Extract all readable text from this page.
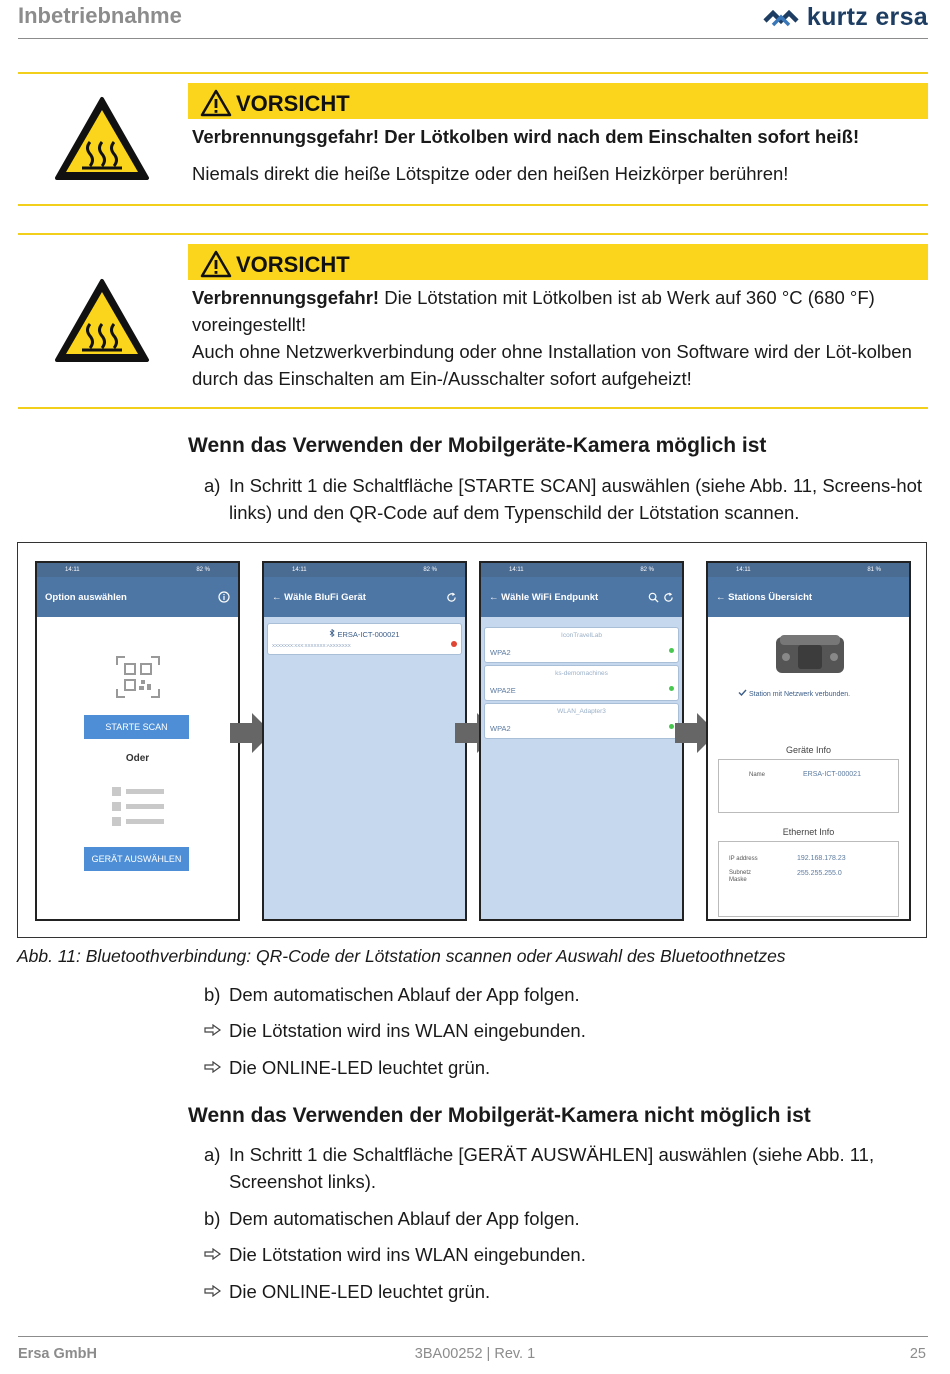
Inbetriebnahme	kurtz ersa
VORSICHT
Verbrennungsgefahr! Der Lötkolben wird nach dem Einschalten sofort heiß!
Niemals direkt die heiße Lötspitze oder den heißen Heizkörper berühren!
VORSICHT
Verbrennungsgefahr! Die Lötstation mit Lötkolben ist ab Werk auf 360 °C (680 °F) voreingestellt!
Auch ohne Netzwerkverbindung oder ohne Installation von Software wird der Löt-kolben durch das Einschalten am Ein-/Ausschalter sofort aufgeheizt!
Wenn das Verwenden der Mobilgeräte-Kamera möglich ist
a) In Schritt 1 die Schaltfläche [STARTE SCAN] auswählen (siehe Abb. 11, Screens-hot links) und den QR-Code auf dem Typenschild der Lötstation scannen.
14:11	82 %
Option auswählen
STARTE SCAN
Oder
GERÄT AUSWÄHLEN
14:11	82 %
← Wähle BluFi Gerät
ERSA-ICT-000021
XXXXXXX:XXX:XXXXXXX:AXXXXXXX
14:11	82 %
← Wähle WiFi Endpunkt
IconTravelLab
WPA2
ks-demomachines
WPA2E
WLAN_Adapter3
WPA2
14:11	81 %
← Stations Übersicht
Station mit Netzwerk verbunden.
Geräte Info
Name	ERSA-ICT-000021
Ethernet Info
IP address	192.168.178.23
Subnetz Maske
255.255.255.0
Abb. 11: Bluetoothverbindung: QR-Code der Lötstation scannen oder Auswahl des Bluetoothnetzes
b) Dem automatischen Ablauf der App folgen.
Die Lötstation wird ins WLAN eingebunden.
Die ONLINE-LED leuchtet grün.
Wenn das Verwenden der Mobilgerät-Kamera nicht möglich ist
a) In Schritt 1 die Schaltfläche [GERÄT AUSWÄHLEN] auswählen (siehe Abb. 11, Screenshot links).
b) Dem automatischen Ablauf der App folgen.
Die Lötstation wird ins WLAN eingebunden.
Die ONLINE-LED leuchtet grün.
Ersa GmbH	3BA00252 | Rev. 1	25
